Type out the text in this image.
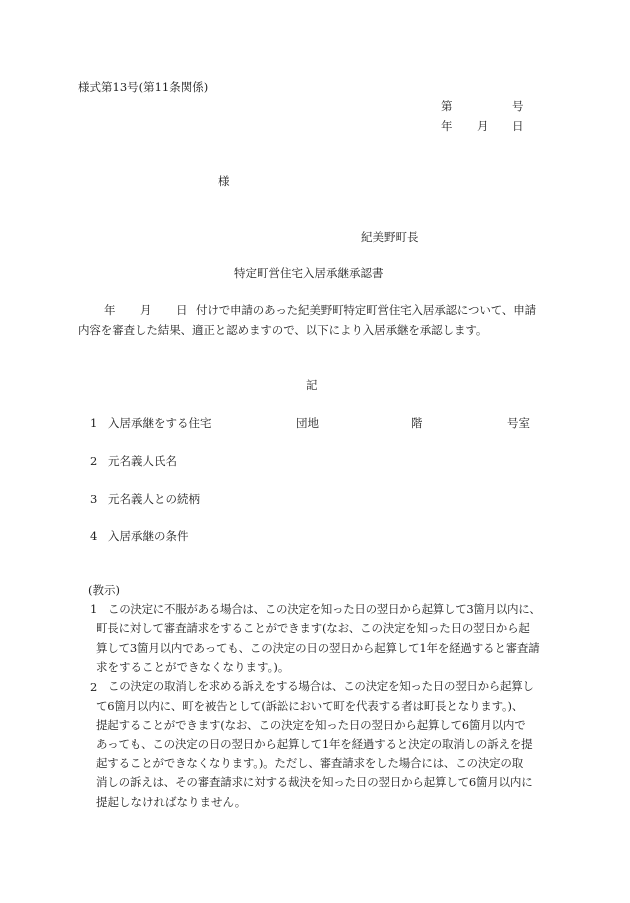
様式第13号(第11条関係)
第	号
年 月 日
様
紀美野町長
特定町営住宅入居承継承認書
年 月 日 付けで申請のあった紀美野町特定町営住宅入居承認について、申請
内容を審査した結果、適正と認めますので、以下により入居承継を承認します。
記
1 入居承継をする住宅	団地	階	号室
2 元名義人氏名
3 元名義人との続柄
4 入居承継の条件
(教示)
1 この決定に不服がある場合は、この決定を知った日の翌日から起算して3箇月以内に、
町長に対して審査請求をすることができます(なお、この決定を知った日の翌日から起
算して3箇月以内であっても、この決定の日の翌日から起算して1年を経過すると審査請
求をすることができなくなります。)。
2 この決定の取消しを求める訴えをする場合は、この決定を知った日の翌日から起算し
て6箇月以内に、町を被告として(訴訟において町を代表する者は町長となります。)、
提起することができます(なお、この決定を知った日の翌日から起算して6箇月以内で
あっても、この決定の日の翌日から起算して1年を経過すると決定の取消しの訴えを提
起することができなくなります。)。ただし、審査請求をした場合には、この決定の取
消しの訴えは、その審査請求に対する裁決を知った日の翌日から起算して6箇月以内に
提起しなければなりません。
